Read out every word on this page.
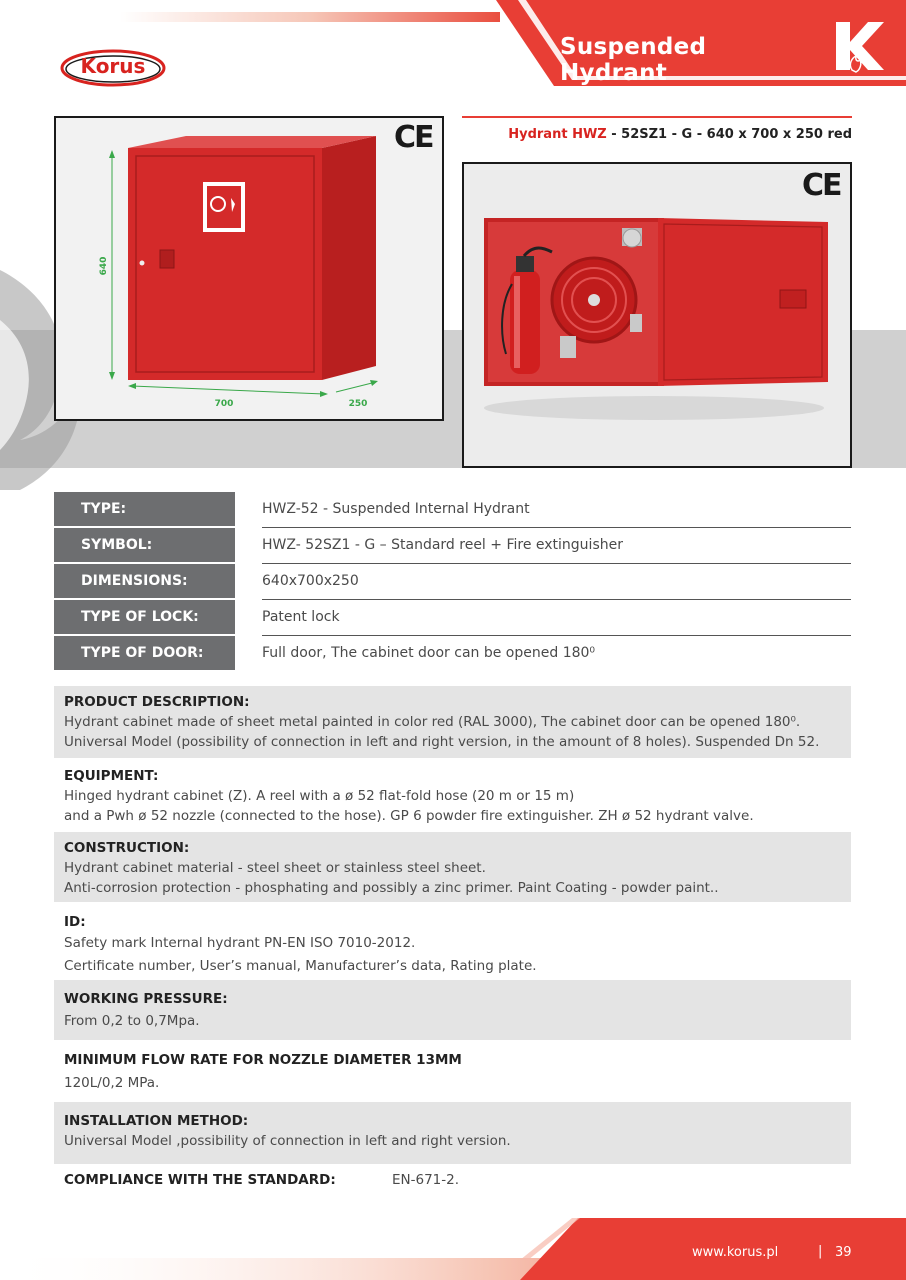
Suspended Hydrant
Korus
CE
640
700	250
Hydrant HWZ - 52SZ1 - G - 640 x 700 x 250 red
CE
TYPE:	HWZ-52 - Suspended Internal Hydrant
SYMBOL:	HWZ- 52SZ1 - G – Standard reel + Fire extinguisher
DIMENSIONS:	640x700x250
TYPE OF LOCK:	Patent lock
TYPE OF DOOR:	Full door, The cabinet door can be opened 180⁰
PRODUCT DESCRIPTION:
Hydrant cabinet made of sheet metal painted in color red (RAL 3000), The cabinet door can be opened 180⁰.
Universal Model (possibility of connection in left and right version, in the amount of 8 holes). Suspended Dn 52.
EQUIPMENT:
Hinged hydrant cabinet (Z). A reel with a ø 52 flat-fold hose (20 m or 15 m)
and a Pwh ø 52 nozzle (connected to the hose). GP 6 powder fire extinguisher. ZH ø 52 hydrant valve.
CONSTRUCTION:
Hydrant cabinet material - steel sheet or stainless steel sheet.
Anti-corrosion protection - phosphating and possibly a zinc primer. Paint Coating - powder paint..
ID:
Safety mark Internal hydrant PN-EN ISO 7010-2012.
Certificate number, User’s manual, Manufacturer’s data, Rating plate.
WORKING PRESSURE:
From 0,2 to 0,7Mpa.
MINIMUM FLOW RATE FOR NOZZLE DIAMETER 13MM
120L/0,2 MPa.
INSTALLATION METHOD:
Universal Model ,possibility of connection in left and right version.
COMPLIANCE WITH THE STANDARD:	EN-671-2.
www.korus.pl	| 39
